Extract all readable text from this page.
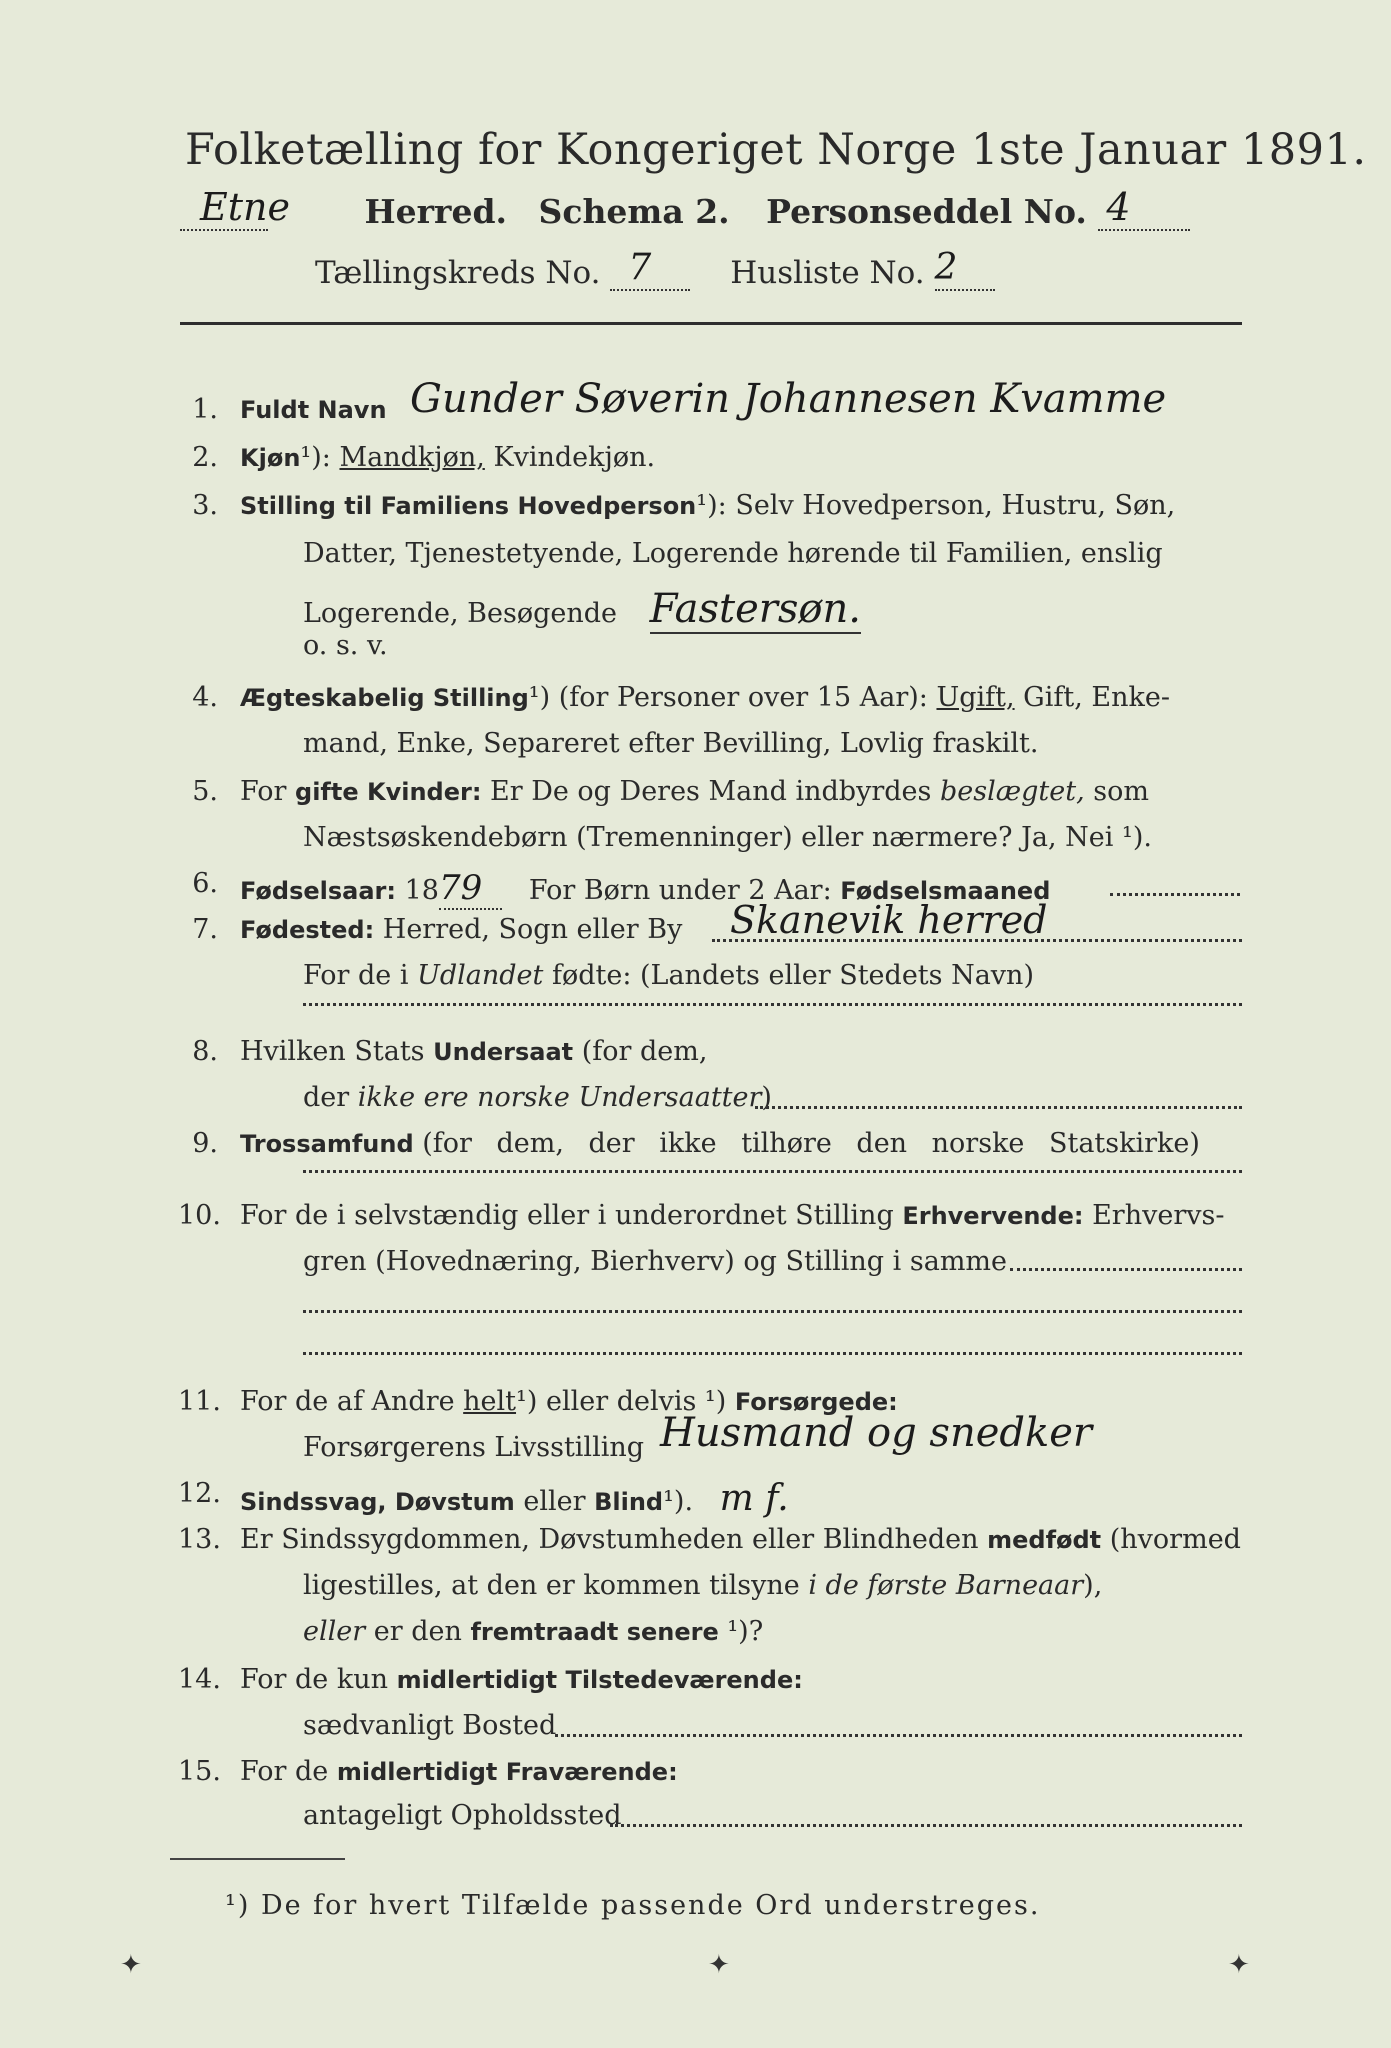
Folketælling for Kongeriget Norge 1ste Januar 1891.
Etne Herred. Schema 2. Personseddel No. 4
Tællingskreds No. 7	Husliste No. 2
1. Fuldt Navn Gunder Søverin Johannesen Kvamme
2. Kjøn¹): Mandkjøn, Kvindekjøn.
3. Stilling til Familiens Hovedperson¹): Selv Hovedperson, Hustru, Søn,
Datter, Tjenestetyende, Logerende hørende til Familien, enslig
Logerende, Besøgende Fastersøn.
o. s. v.
4. Ægteskabelig Stilling¹) (for Personer over 15 Aar): Ugift, Gift, Enke-
mand, Enke, Separeret efter Bevilling, Lovlig fraskilt.
5. For gifte Kvinder: Er De og Deres Mand indbyrdes beslægtet, som
Næstsøskendebørn (Tremenninger) eller nærmere? Ja, Nei ¹).
6. Fødselsaar: 1879 For Børn under 2 Aar: Fødselsmaaned
7. Fødested: Herred, Sogn eller By Skanevik herred
For de i Udlandet fødte: (Landets eller Stedets Navn)
8. Hvilken Stats Undersaat (for dem,
der ikke ere norske Undersaatter)
9. Trossamfund (for dem, der ikke tilhøre den norske Statskirke)
10. For de i selvstændig eller i underordnet Stilling Erhvervende: Erhvervs-
gren (Hovednæring, Bierhverv) og Stilling i samme
11. For de af Andre helt¹) eller delvis ¹) Forsørgede:
Forsørgerens Livsstilling Husmand og snedker
12. Sindssvag, Døvstum eller Blind¹). m f.
13. Er Sindssygdommen, Døvstumheden eller Blindheden medfødt (hvormed
ligestilles, at den er kommen tilsyne i de første Barneaar),
eller er den fremtraadt senere ¹)?
14. For de kun midlertidigt Tilstedeværende:
sædvanligt Bosted
15. For de midlertidigt Fraværende:
antageligt Opholdssted
¹) De for hvert Tilfælde passende Ord understreges.
✦	✦	✦
